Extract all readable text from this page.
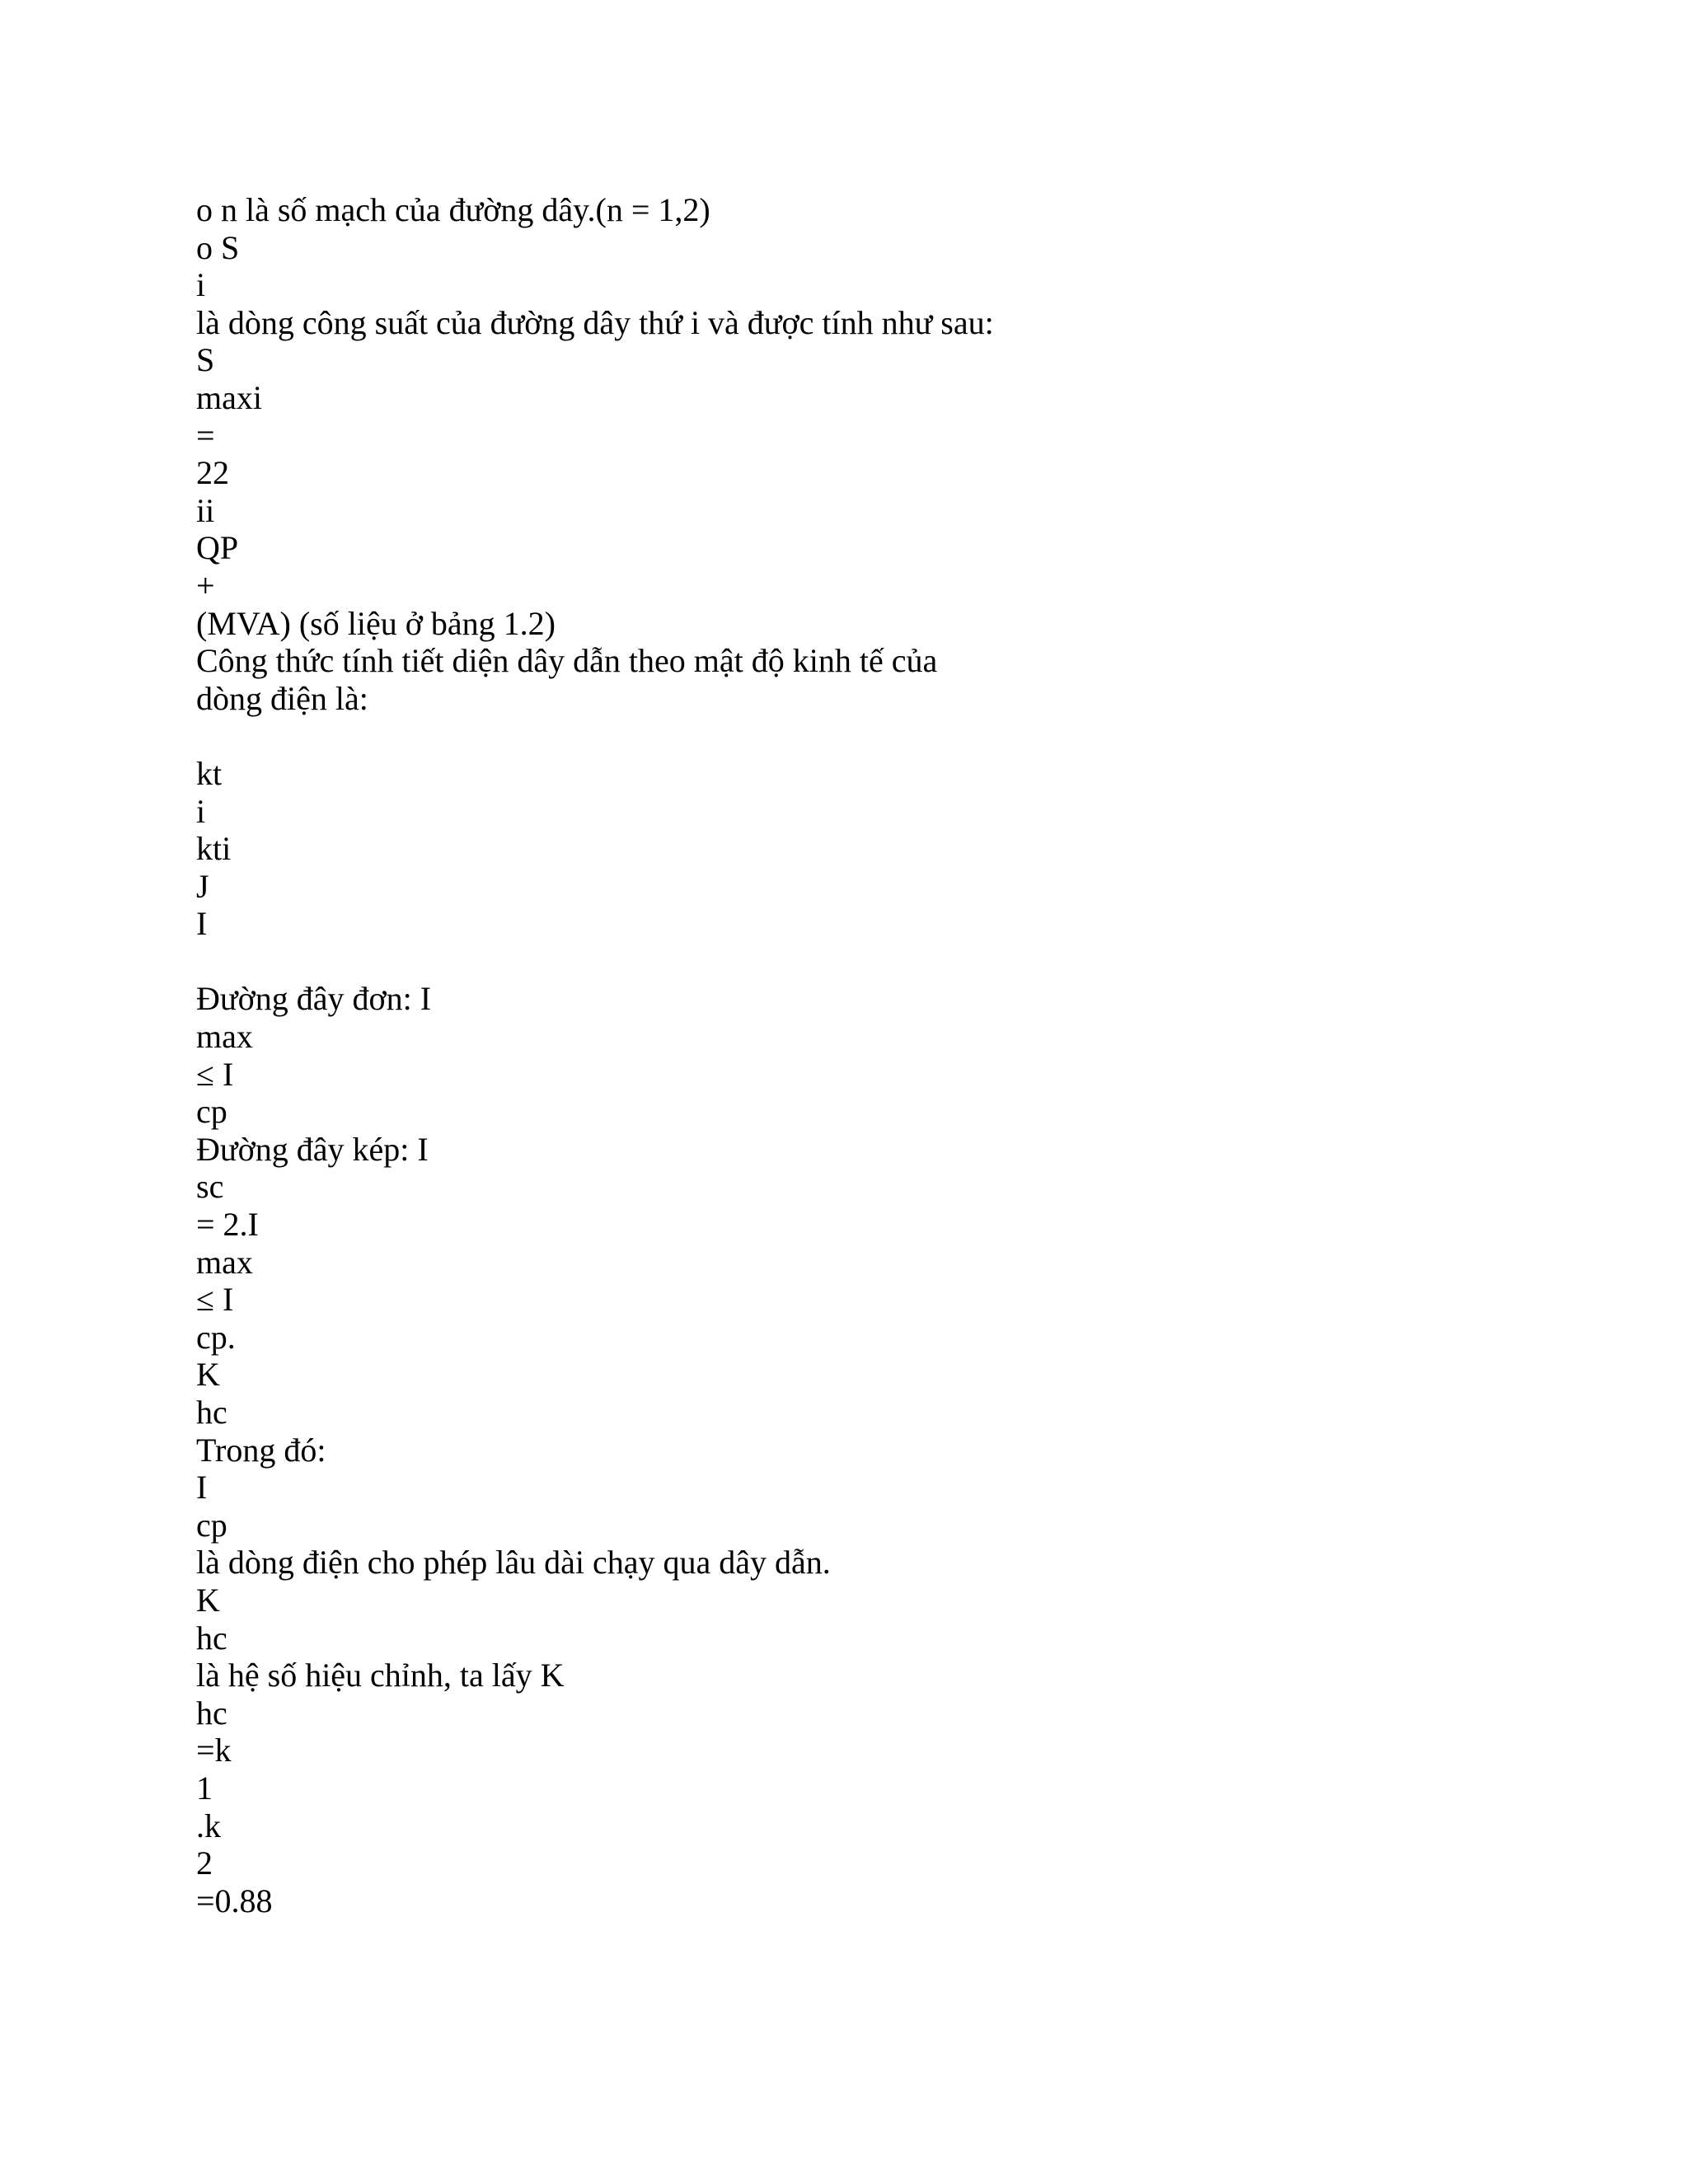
o n là số mạch của đường dây.(n = 1,2)
o S
i
là dòng công suất của đường dây thứ i và được tính như sau:
S
maxi
=
22
ii
QP
+
(MVA) (số liệu ở bảng 1.2)
Công thức tính tiết diện dây dẫn theo mật độ kinh tế của
dòng điện là:
kt
i
kti
J
I
Đường đây đơn: I
max
≤ I
cp
Đường đây kép: I
sc
= 2.I
max
≤ I
cp.
K
hc
Trong đó:
I
cp
là dòng điện cho phép lâu dài chạy qua dây dẫn.
K
hc
là hệ số hiệu chỉnh, ta lấy K
hc
=k
1
.k
2
=0.88
